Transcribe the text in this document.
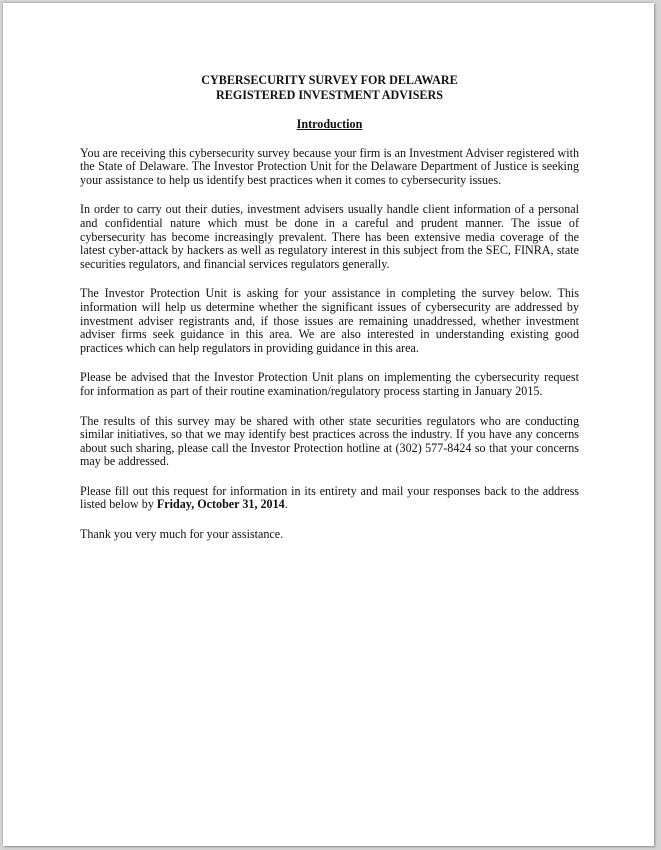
CYBERSECURITY SURVEY FOR DELAWARE
REGISTERED INVESTMENT ADVISERS
Introduction

You are receiving this cybersecurity survey because your firm is an Investment Adviser registered with the State of Delaware. The Investor Protection Unit for the Delaware Department of Justice is seeking your assistance to help us identify best practices when it comes to cybersecurity issues.

In order to carry out their duties, investment advisers usually handle client information of a personal and confidential nature which must be done in a careful and prudent manner. The issue of cybersecurity has become increasingly prevalent. There has been extensive media coverage of the latest cyber-attack by hackers as well as regulatory interest in this subject from the SEC, FINRA, state securities regulators, and financial services regulators generally.

The Investor Protection Unit is asking for your assistance in completing the survey below. This information will help us determine whether the significant issues of cybersecurity are addressed by investment adviser registrants and, if those issues are remaining unaddressed, whether investment adviser firms seek guidance in this area. We are also interested in understanding existing good practices which can help regulators in providing guidance in this area.

Please be advised that the Investor Protection Unit plans on implementing the cybersecurity request for information as part of their routine examination/regulatory process starting in January 2015.

The results of this survey may be shared with other state securities regulators who are conducting similar initiatives, so that we may identify best practices across the industry. If you have any concerns about such sharing, please call the Investor Protection hotline at (302) 577-8424 so that your concerns may be addressed.

Please fill out this request for information in its entirety and mail your responses back to the address listed below by Friday, October 31, 2014.

Thank you very much for your assistance.
